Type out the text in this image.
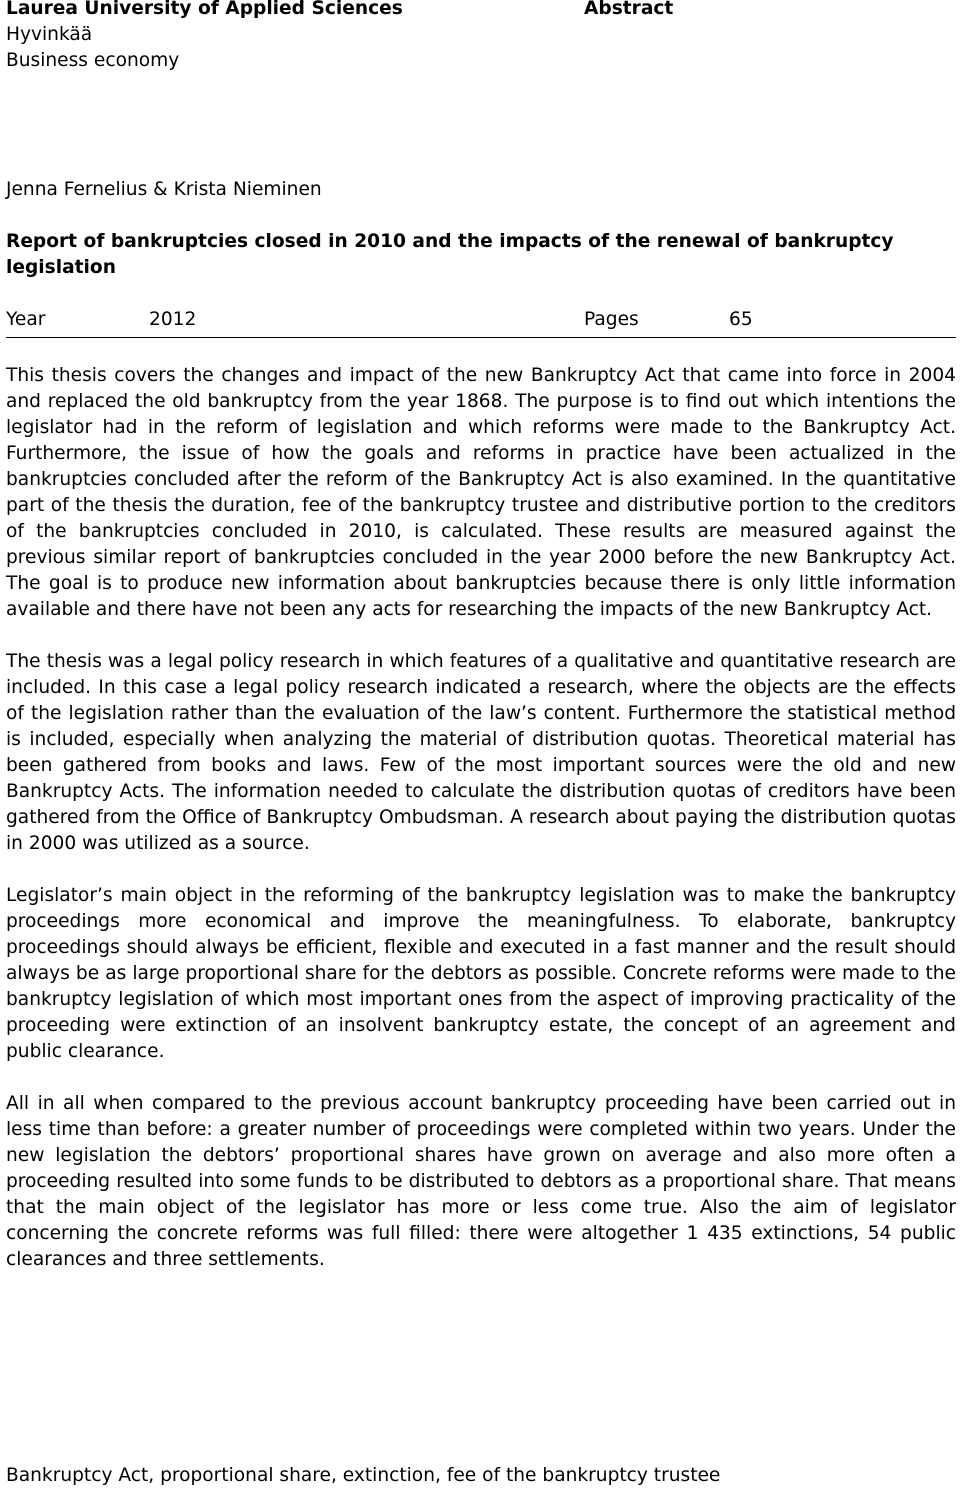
Laurea University of Applied Sciences
Hyvinkää
Business economy
Abstract
Jenna Fernelius & Krista Nieminen
Report of bankruptcies closed in 2010 and the impacts of the renewal of bankruptcy legislation
Year	2012	Pages	65

This thesis covers the changes and impact of the new Bankruptcy Act that came into force in 2004 and replaced the old bankruptcy from the year 1868. The purpose is to find out which intentions the legislator had in the reform of legislation and which reforms were made to the Bankruptcy Act. Furthermore, the issue of how the goals and reforms in practice have been actualized in the bankruptcies concluded after the reform of the Bankruptcy Act is also examined. In the quantitative part of the thesis the duration, fee of the bankruptcy trustee and distributive portion to the creditors of the bankruptcies concluded in 2010, is calculated. These results are measured against the previous similar report of bankruptcies concluded in the year 2000 before the new Bankruptcy Act. The goal is to produce new information about bankruptcies because there is only little information available and there have not been any acts for researching the impacts of the new Bankruptcy Act.

The thesis was a legal policy research in which features of a qualitative and quantitative research are included. In this case a legal policy research indicated a research, where the objects are the effects of the legislation rather than the evaluation of the law’s content. Furthermore the statistical method is included, especially when analyzing the material of distribution quotas. Theoretical material has been gathered from books and laws. Few of the most important sources were the old and new Bankruptcy Acts. The information needed to calculate the distribution quotas of creditors have been gathered from the Office of Bankruptcy Ombudsman. A research about paying the distribution quotas in 2000 was utilized as a source.

Legislator’s main object in the reforming of the bankruptcy legislation was to make the bankruptcy proceedings more economical and improve the meaningfulness. To elaborate, bankruptcy proceedings should always be efficient, flexible and executed in a fast manner and the result should always be as large proportional share for the debtors as possible. Concrete reforms were made to the bankruptcy legislation of which most important ones from the aspect of improving practicality of the proceeding were extinction of an insolvent bankruptcy estate, the concept of an agreement and public clearance.

All in all when compared to the previous account bankruptcy proceeding have been carried out in less time than before: a greater number of proceedings were completed within two years. Under the new legislation the debtors’ proportional shares have grown on average and also more often a proceeding resulted into some funds to be distributed to debtors as a proportional share. That means that the main object of the legislator has more or less come true. Also the aim of legislator concerning the concrete reforms was full filled: there were altogether 1 435 extinctions, 54 public clearances and three settlements.

Bankruptcy Act, proportional share, extinction, fee of the bankruptcy trustee
